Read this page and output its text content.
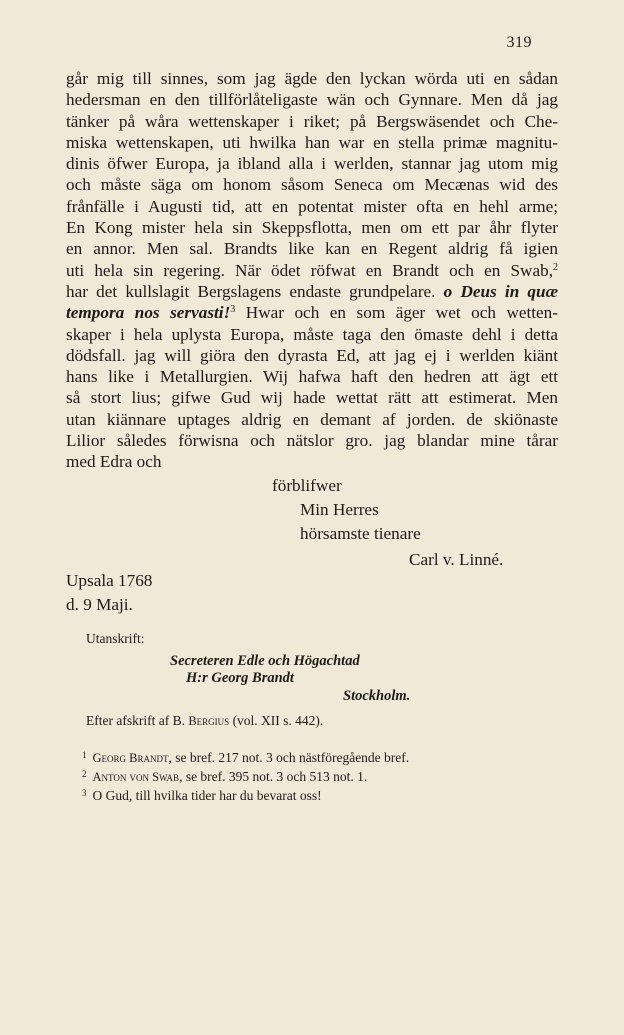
319
går mig till sinnes, som jag ägde den lyckan wörda uti en sådan
hedersman en den tillförlåteligaste wän och Gynnare. Men då jag
tänker på wåra wettenskaper i riket; på Bergswäsendet och Che-
miska wettenskapen, uti hwilka han war en stella primæ magnitu-
dinis öfwer Europa, ja ibland alla i werlden, stannar jag utom mig
och måste säga om honom såsom Seneca om Mecænas wid des
frånfälle i Augusti tid, att en potentat mister ofta en hehl arme;
En Kong mister hela sin Skeppsflotta, men om ett par åhr flyter
en annor. Men sal. Brandts like kan en Regent aldrig få igien
uti hela sin regering. När ödet röfwat en Brandt och en Swab,$^2$
har det kullslagit Bergslagens endaste grundpelare. o Deus in quæ
tempora nos servasti!$^3$ Hwar och en som äger wet och wetten-
skaper i hela uplysta Europa, måste taga den ömaste dehl i detta
dödsfall. jag will giöra den dyrasta Ed, att jag ej i werlden kiänt
hans like i Metallurgien. Wij hafwa haft den hedren att ägt ett
så stort lius; gifwe Gud wij hade wettat rätt att estimerat. Men
utan kiännare uptages aldrig en demant af jorden. de skiönaste
Lilior således förwisna och nätslor gro. jag blandar mine tårar
med Edra och
förblifwer
Min Herres
hörsamste tienare
Carl v. Linné.
Upsala 1768
d. 9 Maji.
Utanskrift:
Secreteren Edle och Högachtad
H:r Georg Brandt
Stockholm.
Efter afskrift af B. Bergius (vol. XII s. 442).
$^1$ Georg Brandt, se bref. 217 not. 3 och nästföregående bref.
$^2$ Anton von Swab, se bref. 395 not. 3 och 513 not. 1.
$^3$ O Gud, till hvilka tider har du bevarat oss!
